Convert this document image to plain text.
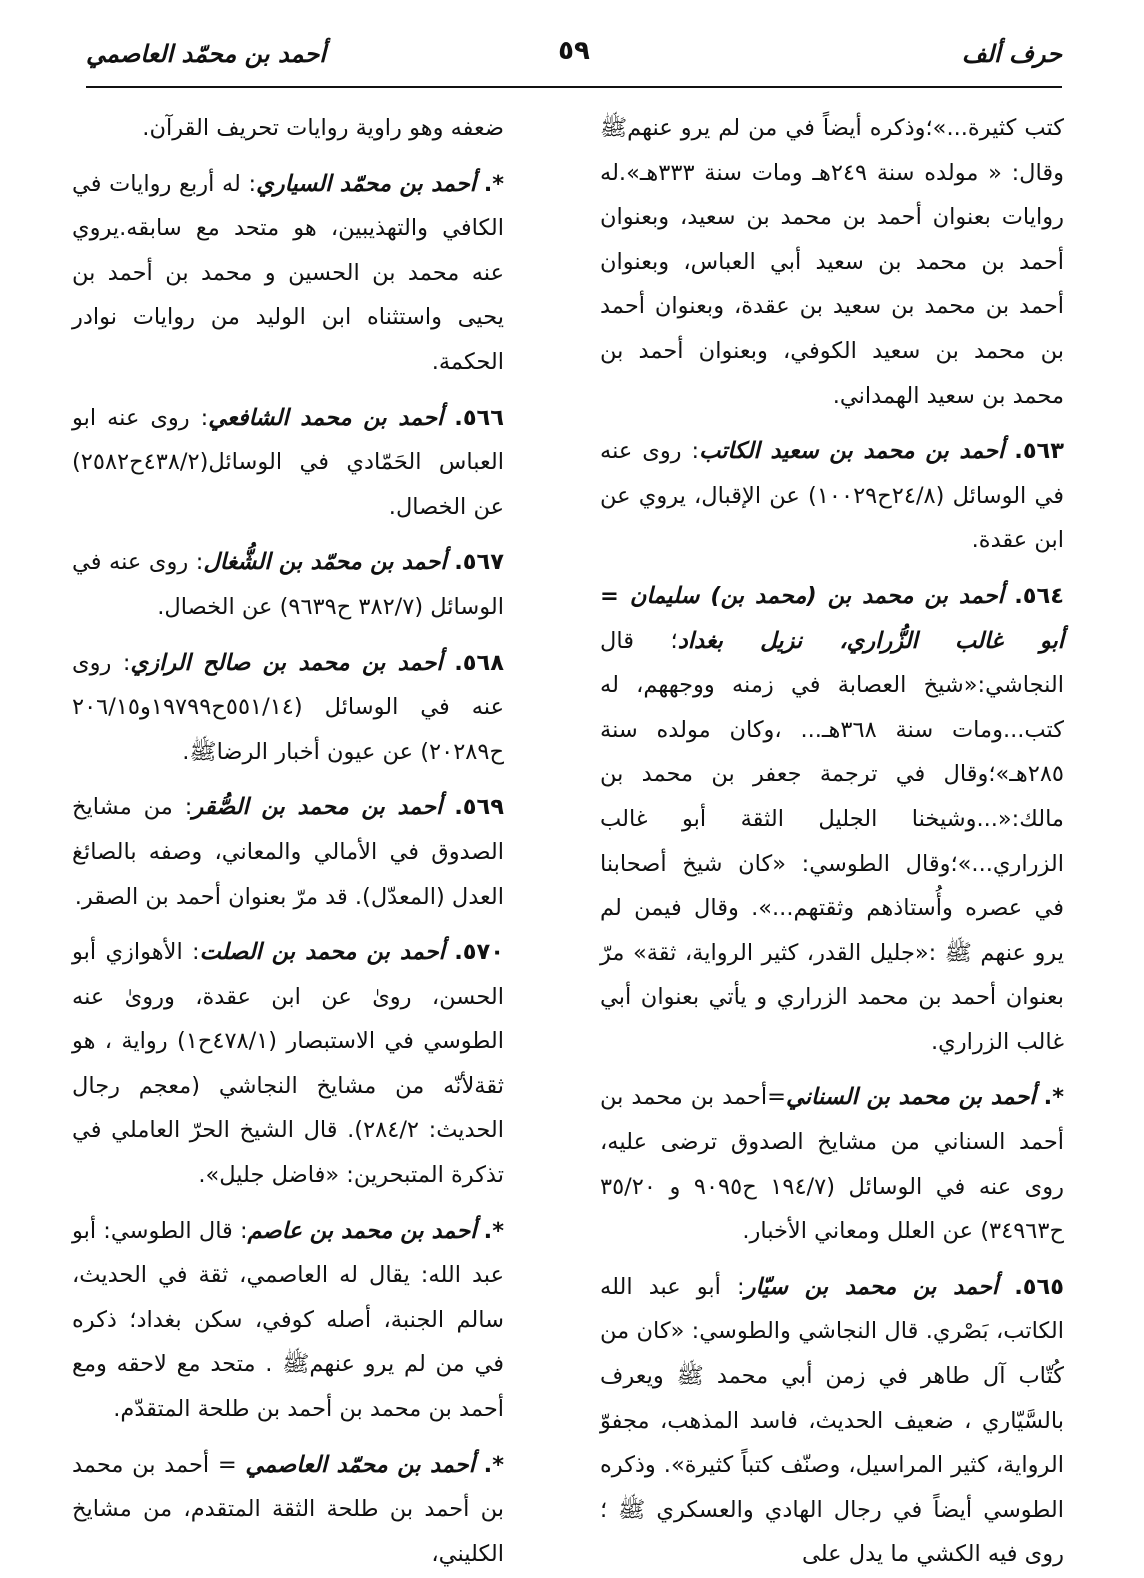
حرف ألف
٥٩
أحمد بن محمّد العاصمي

كتب كثيرة...»؛وذكره أيضاً في من لم يرو عنهمﷺ وقال: « مولده سنة ٢٤٩هـ ومات سنة ٣٣٣هـ».له روايات بعنوان أحمد بن محمد بن سعيد، وبعنوان أحمد بن محمد بن سعيد أبي العباس، وبعنوان أحمد بن محمد بن سعيد بن عقدة، وبعنوان أحمد بن محمد بن سعيد الكوفي، وبعنوان أحمد بن محمد بن سعيد الهمداني.

٥٦٣. أحمد بن محمد بن سعيد الكاتب: روى عنه في الوسائل (٢٤/٨ح١٠٠٢٩) عن الإقبال، يروي عن ابن عقدة.

٥٦٤. أحمد بن محمد بن (محمد بن) سليمان = أبو غالب الزُّراري، نزيل بغداد؛ قال النجاشي:«شيخ العصابة في زمنه ووجههم، له كتب...ومات سنة ٣٦٨هـ... ،وكان مولده سنة ٢٨٥هـ»؛وقال في ترجمة جعفر بن محمد بن مالك:«...وشيخنا الجليل الثقة أبو غالب الزراري...»؛وقال الطوسي: «كان شيخ أصحابنا في عصره وأُستاذهم وثقتهم...». وقال فيمن لم يرو عنهم ﷺ :«جليل القدر، كثير الرواية، ثقة» مرّ بعنوان أحمد بن محمد الزراري و يأتي بعنوان أبي غالب الزراري.

*. أحمد بن محمد بن السناني=أحمد بن محمد بن أحمد السناني من مشايخ الصدوق ترضى عليه، روى عنه في الوسائل (١٩٤/٧ ح٩٠٩٥ و ٣٥/٢٠ ح٣٤٩٦٣) عن العلل ومعاني الأخبار.

٥٦٥. أحمد بن محمد بن سيّار: أبو عبد الله الكاتب، بَصْري. قال النجاشي والطوسي: «كان من كُتّاب آل طاهر في زمن أبي محمد ﷺ ويعرف بالسَّيّاري ، ضعيف الحديث، فاسد المذهب، مجفوّ الرواية، كثير المراسيل، وصنّف كتباً كثيرة». وذكره الطوسي أيضاً في رجال الهادي والعسكري ﷺ ؛روى فيه الكشي ما يدل على

ضعفه وهو راوية روايات تحريف القرآن.

*. أحمد بن محمّد السياري: له أربع روايات في الكافي والتهذيبين، هو متحد مع سابقه.يروي عنه محمد بن الحسين و محمد بن أحمد بن يحيى واستثناه ابن الوليد من روايات نوادر الحكمة.

٥٦٦. أحمد بن محمد الشافعي: روى عنه ابو العباس الحَمّادي في الوسائل(٤٣٨/٢ح٢٥٨٢) عن الخصال.

٥٦٧. أحمد بن محمّد بن الشُّغال: روى عنه في الوسائل (٣٨٢/٧ ح٩٦٣٩) عن الخصال.

٥٦٨. أحمد بن محمد بن صالح الرازي: روى عنه في الوسائل (٥٥١/١٤ح١٩٧٩٩و٢٠٦/١٥ ح٢٠٢٨٩) عن عيون أخبار الرضاﷺ.

٥٦٩. أحمد بن محمد بن الصُّقر: من مشايخ الصدوق في الأمالي والمعاني، وصفه بالصائغ العدل (المعدّل). قد مرّ بعنوان أحمد بن الصقر.

٥٧٠. أحمد بن محمد بن الصلت: الأهوازي أبو الحسن، روىٰ عن ابن عقدة، ورویٰ عنه الطوسي في الاستبصار (٤٧٨/١ح١) رواية ، هو ثقةلأنّه من مشايخ النجاشي (معجم رجال الحديث: ٢٨٤/٢). قال الشيخ الحرّ العاملي في تذكرة المتبحرين: «فاضل جليل».

*. أحمد بن محمد بن عاصم: قال الطوسي: أبو عبد الله: يقال له العاصمي، ثقة في الحديث، سالم الجنبة، أصله كوفي، سكن بغداد؛ ذكره في من لم يرو عنهمﷺ . متحد مع لاحقه ومع أحمد بن محمد بن أحمد بن طلحة المتقدّم.

*. أحمد بن محمّد العاصمي = أحمد بن محمد بن أحمد بن طلحة الثقة المتقدم، من مشايخ الكليني،
